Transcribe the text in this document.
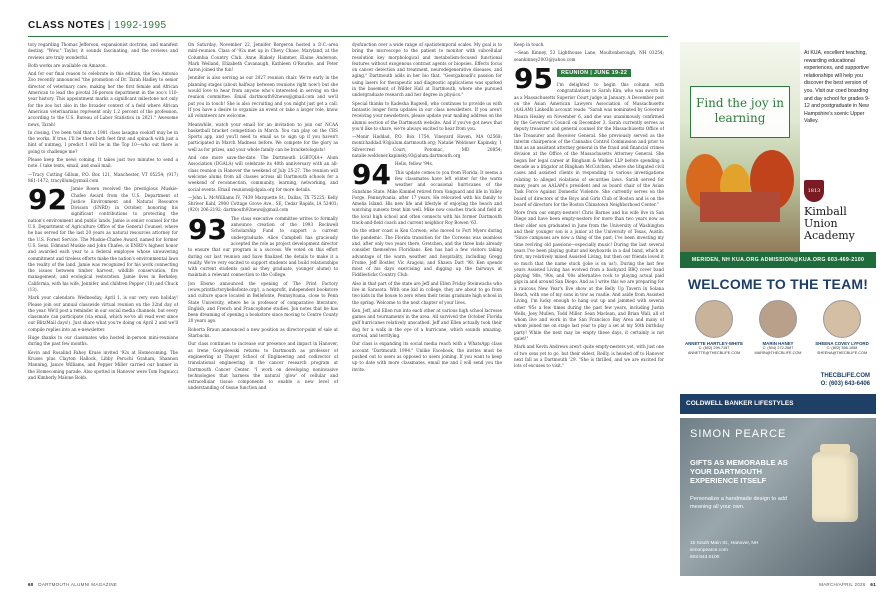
CLASS NOTES | 1992-1995

tory regarding Thomas Jefferson, expansionist doctrine, and manifest destiny. "Wow," Taylor, it sounds fascinating, and the reviews and reviews are truly wonderful.

Both works are available on Amazon.

And for our final reason to celebrate in this edition, the Sea Antonio Zoo recently announced "the promotion of Dr. Tarah Hadley to senior director of veterinary care, making her the first female and African American to lead the pivotal 26-person department in the zoo's 110-year history. This appointment marks a significant milestone not only for the zoo but also in the broader context of a field where African American veterinarians represent only 1.2 percent of the profession, according to the U.S. Bureau of Labor Statistics in 2021." Awesome news, Tarah!

In closing, I've been told that a 1981 class lasagna cookoff may be in the works. If true, I'll be there both feet first and spinach with just a hint of nutmeg. I predict I will be in the Top 10—who out there is going to challenge me?

Please keep the news coming. It takes just two minutes to send a note. I take texts, email, and snail mail.

—Tracy Cutting Gillum, P.O. Box 121, Manchester, VT 05254; (917) 861-1472; tracyillum@ymail.com

92 Jamie Rosen received the prestigious Muskie-Chafee Award from the U.S. Department of Justice Environment and Natural Resource Division (ENRD) in October, honoring his significant contributions to protecting the nation's environment and public lands. Jamie is senior counsel for the U.S. Department of Agriculture Office of the General Counsel, where he has served for the last 20 years as natural resources attorney for the U.S. Forest Service. The Muskie-Chafee Award, named for former U.S. Sens. Edmund Muskie and John Chafee, is ENRD's highest honor and awarded each year to a federal employee whose unwavering commitment and tireless efforts make the nation's environmental laws the reality of the land. Jamie was recognized for his work connecting the issues between timber harvest, wildlife conservation, fire management, and ecological restoration. Jamie lives in Berkeley, California, with his wife, Jennifer, and children Pepper (10) and Chuck (13).

Mark your calendars: Wednesday, April 1, is our very own holiday! Please join our annual classwide virtual reunion on the 32nd day of the year. We'll post a reminder in our social media channels, but every classmate can participate (via email, which we've all read ever since our BlitzMail days!). Just share what you're doing on April 2 and we'll compile replies into an e-newsletter.

Huge thanks to our classmates who hosted in-person mini-reunions during the past few months.

Kevin and Rosalind Fahey Kruse invited '92s at Homecoming. The Kruses plus Clayton Hallock, Libby Peruchi Graham, Shannon Manning, Janice Williams, and Pepper Miller carried our banner in the Homecoming parade. Also spotted in Hanover were Tom Pagnucci and Kimberly Malone Bobb.

On Saturday, November 22, Jennifer Bergeron hosted a D.C.-area mini-reunion. Class of '92s met up in Chevy Chase, Maryland, at the Columbia Country Club. Anne Blakely Hammer, Elaine Anderson, Mark Weiland, Elizabeth Cavanaugh, Kathleen O'Rourke, and Peter Aaron joined the fun!

Jennifer is also serving as our 2027 reunion chair. We're early in the planning stages (about halfway between reunions right now!) but she would love to hear from anyone who's interested in serving on the reunion committee. Email dartmouth92news@gmail.com and we'll put you in touch! She is also recruiting and you might just get a call. If you have a desire to organize an event or take a larger role, know all volunteers are welcome.

Meanwhile, watch your email for an invitation to join our NCAA basketball bracket competition in March. You can play on the CBS Sports app, and you'll need to email us to sign up if you haven't participated in March Madness before. We compete for the glory as well as for prizes, and your whole family can be bracketologists!

And one more save-the-date. The Dartmouth LGBTQIA+ Alum Association (DGALA) will celebrate its 40th anniversary with an all-class reunion in Hanover the weekend of July 25-27. The reunion will welcome alums from all classes across all Dartmouth schools for a weekend of reconnection, community, learning, networking, and social events. Email reunions@dgala.org for more details.

—John L. McWilliams IV, 7439 Marquette St., Dallas, TX 75225; Kelly Shriver Kahl, 2900 Cottage Grove Ave., SE, Cedar Rapids, IA 52403; (920) 206-2192; dartmouth92news@gmail.com

93 The class executive committee writes to formally announce creation of the 1993 Rockwell Scholarship Fund to support a current undergraduate. Alice Campbell has graciously accepted the role as project development director to ensure that our program is a success. We voted on this effort during our last reunion and have finalized the details to make it a reality. We're very excited to support students and build relationships with current students (and as they graduate, younger alums) to maintain a relevant connection to the College.

Jon Ebsmo announced the opening of The Print Factory (www.printfactorybellefonte.org/), a nonprofit, independent bookstore and culture space located in Bellefonte, Pennsylvania, close to Penn State University, where he is professor of comparative literature, English, and French and Francophone studies. Jon notes that he has been dreaming of opening a bookstore since moving to Centre County 20 years ago.

Roberta Braun announced a new position as director-point of sale at Starbucks.

Our class continues to increase our presence and impact in Hanover, as Irene Gorgolewski returns to Dartmouth as professor of engineering at Thayer School of Engineering and codirector of translational engineering in the cancer research program at Dartmouth Cancer Center. "I work on developing noninvasive technologies that harness the natural 'glow' of cellular and extracellular tissue components to enable a new level of understanding of tissue function and

dysfunction over a wide range of spatiotemporal scales. My goal is to bring the microscope to the patient to monitor with subcellular resolution key morphological and metabolism-focused functional features without exogenous contrast agents or biopsies. Effects focus on cancer detection and treatment, neurodegenerative diseases, and aging." Dartmouth adds in her bio that, "Georgakoudi's passion for using lasers for therapeutic and diagnostic applications was sparked in the basement of Wilder Hall at Dartmouth, where she pursued undergraduate research and her degree in physics."

Special thanks to Kadesha Bagwell, who continues to provide us with fantastic longer form updates in our class newsletters. If you aren't receiving your newsletters, please update your mailing address on the alumni section of the Dartmouth website. And if you've got news that you'd like to share, we're always excited to hear from you.

—Monir Haddad, P.O. Box 1754, Vineyard Haven, MA 02568; monir.haddad.93@alum.dartmouth.org; Natalie Weldoner Kapinsky, 1 Silvercrest Court, Potomac, MD 20854; natalie.weldoner.kapinsky.93@alum.dartmouth.org

94 Hello, fellow '94s.

This update comes to you from Florida. It seems a few classmates have left winter for the warm weather and occasional hurricanes of the Sunshine State. Mike Kimmel retired from Vanguard and life in Valley Forge, Pennsylvania, after 17 years. He relocated with his family to Amelia Island. His new life and lifestyle of enjoying the beach and watching sunsets treat him well. Mike now coaches track and field at the local high school and often connects with his former Dartmouth track-and-field coach and current neighbor Roy Bowen '63.

On the other coast is Ken Corwen, who moved to Fort Myers during the pandemic. The Florida transition for the Corwens was seamless and, after only two years there, Gretchen, and the three kids already consider themselves Floridians. Ken has had a few visitors taking advantage of the warm weather and hospitality, including Gregg Frome, Jeff Bostler, Vic Aragoni, and Shawn Dart '98. Ken spends most of his days exercising and digging up the fairways at Fiddlesticks Country Club.

Also in that part of the state are Jeff and Ellen Friday Steinwachs who live in Sarasota. With one kid in college, they are about to go from two kids in the house to zero when their twins graduate high school in the spring. Welcome to the next chapter of your lives.

Ken, Jeff, and Ellen run into each other at various high school lacrosse games and tournaments in the area. All survived the October Florida gulf hurricanes relatively unscathed. Jeff and Ellen actually took their dog for a walk in the eye of a hurricane, which sounds amazing, surreal, and terrifying.

Our class is expanding its social media reach with a WhatsApp class account "Dartmouth 1994." Unlike Facebook, the invites must be pushed out to users as opposed to users joining. If you want to keep up to date with more classmates, email me and I will send you the invite.

Keep in touch.

—Sean Kinney, 53 Lighthouse Lane, Moultonborough, NH 03254; seankinney2003@yahoo.com

REUNION | JUNE 19-22
95 I'm delighted to begin this column with congratulations to Sarah Kim, who was sworn in as a Massachusetts Superior Court judge in January. A December post on the Asian American Lawyers Association of Massachusetts (AALAM) LinkedIn account reads: "Sarah was nominated by Governor Maura Healey on November 6, and she was unanimously confirmed by the Governor's Council on December 3. Sarah currently serves as deputy treasurer and general counsel for the Massachusetts Office of the Treasurer and Receiver General. She previously served as the interim chairperson of the Cannabis Control Commission and prior to that as an assistant attorney general in the fraud and financial crimes division at the Office of the Massachusetts Attorney General. She began her legal career at Bingham & Walker LLP before spending a decade as a litigator at Bingham McCutchen, where she litigated civil cases and assisted clients in responding to various investigations relating to alleged violations of securities laws. Sarah served for many years as AALAM's president and as board chair of the Asian Task Force Against Domestic Violence. She currently serves on the board of directors of the Boys and Girls Club of Boston and is on the board of directors for the Boston Chinatown Neighborhood Center."

More from our empty-nesters! Chris Barnes and his wife live in San Diego and have been empty-nesters for more than two years now as their older son graduated in June from the University of Washington and their younger son is a junior at the University of Texas, Austin. "Since campuses are now a thing of the past, I've been investing my time reviving old passions—especially music! During the last several years I've been playing guitar and keyboards in a dad band, which at first, my relatively mixed Assisted Living, but then our friends loved it so much that the name stuck (joke is on us!). During the last few years Assisted Living has evolved from a backyard BBQ cover band playing '80s, '90s, and '00s alternative rock to playing actual paid gigs in and around San Diego. And as I write this we are preparing for a raucous New Year's Eve show at the Belly Up Tavern in Solana Beach, with one of my sons in tow as roadie. And aside from Assisted Living, I'm lucky enough to hang out up and jammed with several other '95s a few times during the past few years, including Justin Wells, Joey Mullen, Todd Miller, Sean Maclean, and Brian Wall, all of whom live and work in the San Francisco Bay Area and many of whom joined me on stage last year to play a set at my 50th birthday party! While the next may be empty these days, it certainly is not quiet!"

Mark and Kevin Andrews aren't quite empty-nesters yet, with just one of two sons yet to go, but their eldest, Reilly, is headed off to Hanover next fall as a Dartmouth '29. "She is thrilled, and we are excited for lots of excuses to visit."

Find the joy in learning
At KUA, excellent teaching, rewarding educational experiences, and supportive relationships will help you discover the best version of you. Visit our coed boarding and day school for grades 9-12 and postgraduate in New Hampshire's scenic Upper Valley.
1813
Kimball Union Academy
MERIDEN, NH KUA.ORG ADMISSION@KUA.ORG 603-469-2100
WELCOME TO THE TEAM!
ANNETTE HARTLEY-WHITE
C: (802) 299-7157
ANNETTE@THECBLIFE.COM
MARIN HANEY
C: (504) 272-2687
MARIN@THECBLIFE.COM
SHEENA COVEY LYFORD
C: (802) 356-1958
SHEENA@THECBLIFE.COM
THECBLIFE.COM
O: (603) 643-6406
COLDWELL BANKER LIFESTYLES
SIMON PEARCE
GIFTS AS MEMORABLE AS YOUR DARTMOUTH EXPERIENCE ITSELF
Personalize a handmade design to add meaning all your own.
15 South Main St., Hanover, NH
simonpearce.com
603.643.0100
60 DARTMOUTH ALUMNI MAGAZINE	MARCH/APRIL 2026 61
